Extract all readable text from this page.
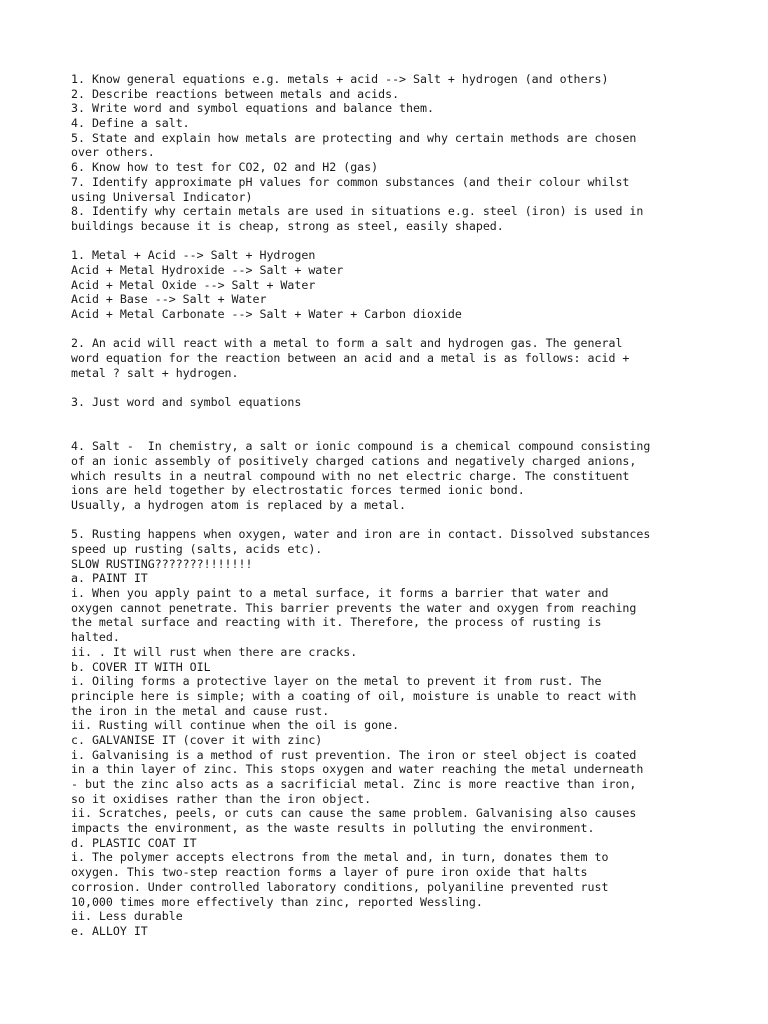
1. Know general equations e.g. metals + acid --> Salt + hydrogen (and others)
2. Describe reactions between metals and acids.
3. Write word and symbol equations and balance them.
4. Define a salt.
5. State and explain how metals are protecting and why certain methods are chosen
over others.
6. Know how to test for CO2, O2 and H2 (gas)
7. Identify approximate pH values for common substances (and their colour whilst
using Universal Indicator)
8. Identify why certain metals are used in situations e.g. steel (iron) is used in
buildings because it is cheap, strong as steel, easily shaped.
1. Metal + Acid --> Salt + Hydrogen
Acid + Metal Hydroxide --> Salt + water
Acid + Metal Oxide --> Salt + Water
Acid + Base --> Salt + Water
Acid + Metal Carbonate --> Salt + Water + Carbon dioxide
2. An acid will react with a metal to form a salt and hydrogen gas. The general
word equation for the reaction between an acid and a metal is as follows: acid +
metal ? salt + hydrogen.
3. Just word and symbol equations
4. Salt -  In chemistry, a salt or ionic compound is a chemical compound consisting
of an ionic assembly of positively charged cations and negatively charged anions,
which results in a neutral compound with no net electric charge. The constituent
ions are held together by electrostatic forces termed ionic bond.
Usually, a hydrogen atom is replaced by a metal.
5. Rusting happens when oxygen, water and iron are in contact. Dissolved substances
speed up rusting (salts, acids etc).
SLOW RUSTING???????!!!!!!!
a. PAINT IT
i. When you apply paint to a metal surface, it forms a barrier that water and
oxygen cannot penetrate. This barrier prevents the water and oxygen from reaching
the metal surface and reacting with it. Therefore, the process of rusting is
halted.
ii. . It will rust when there are cracks.
b. COVER IT WITH OIL
i. Oiling forms a protective layer on the metal to prevent it from rust. The
principle here is simple; with a coating of oil, moisture is unable to react with
the iron in the metal and cause rust.
ii. Rusting will continue when the oil is gone.
c. GALVANISE IT (cover it with zinc)
i. Galvanising is a method of rust prevention. The iron or steel object is coated
in a thin layer of zinc. This stops oxygen and water reaching the metal underneath
- but the zinc also acts as a sacrificial metal. Zinc is more reactive than iron,
so it oxidises rather than the iron object.
ii. Scratches, peels, or cuts can cause the same problem. Galvanising also causes
impacts the environment, as the waste results in polluting the environment.
d. PLASTIC COAT IT
i. The polymer accepts electrons from the metal and, in turn, donates them to
oxygen. This two-step reaction forms a layer of pure iron oxide that halts
corrosion. Under controlled laboratory conditions, polyaniline prevented rust
10,000 times more effectively than zinc, reported Wessling.
ii. Less durable
e. ALLOY IT
